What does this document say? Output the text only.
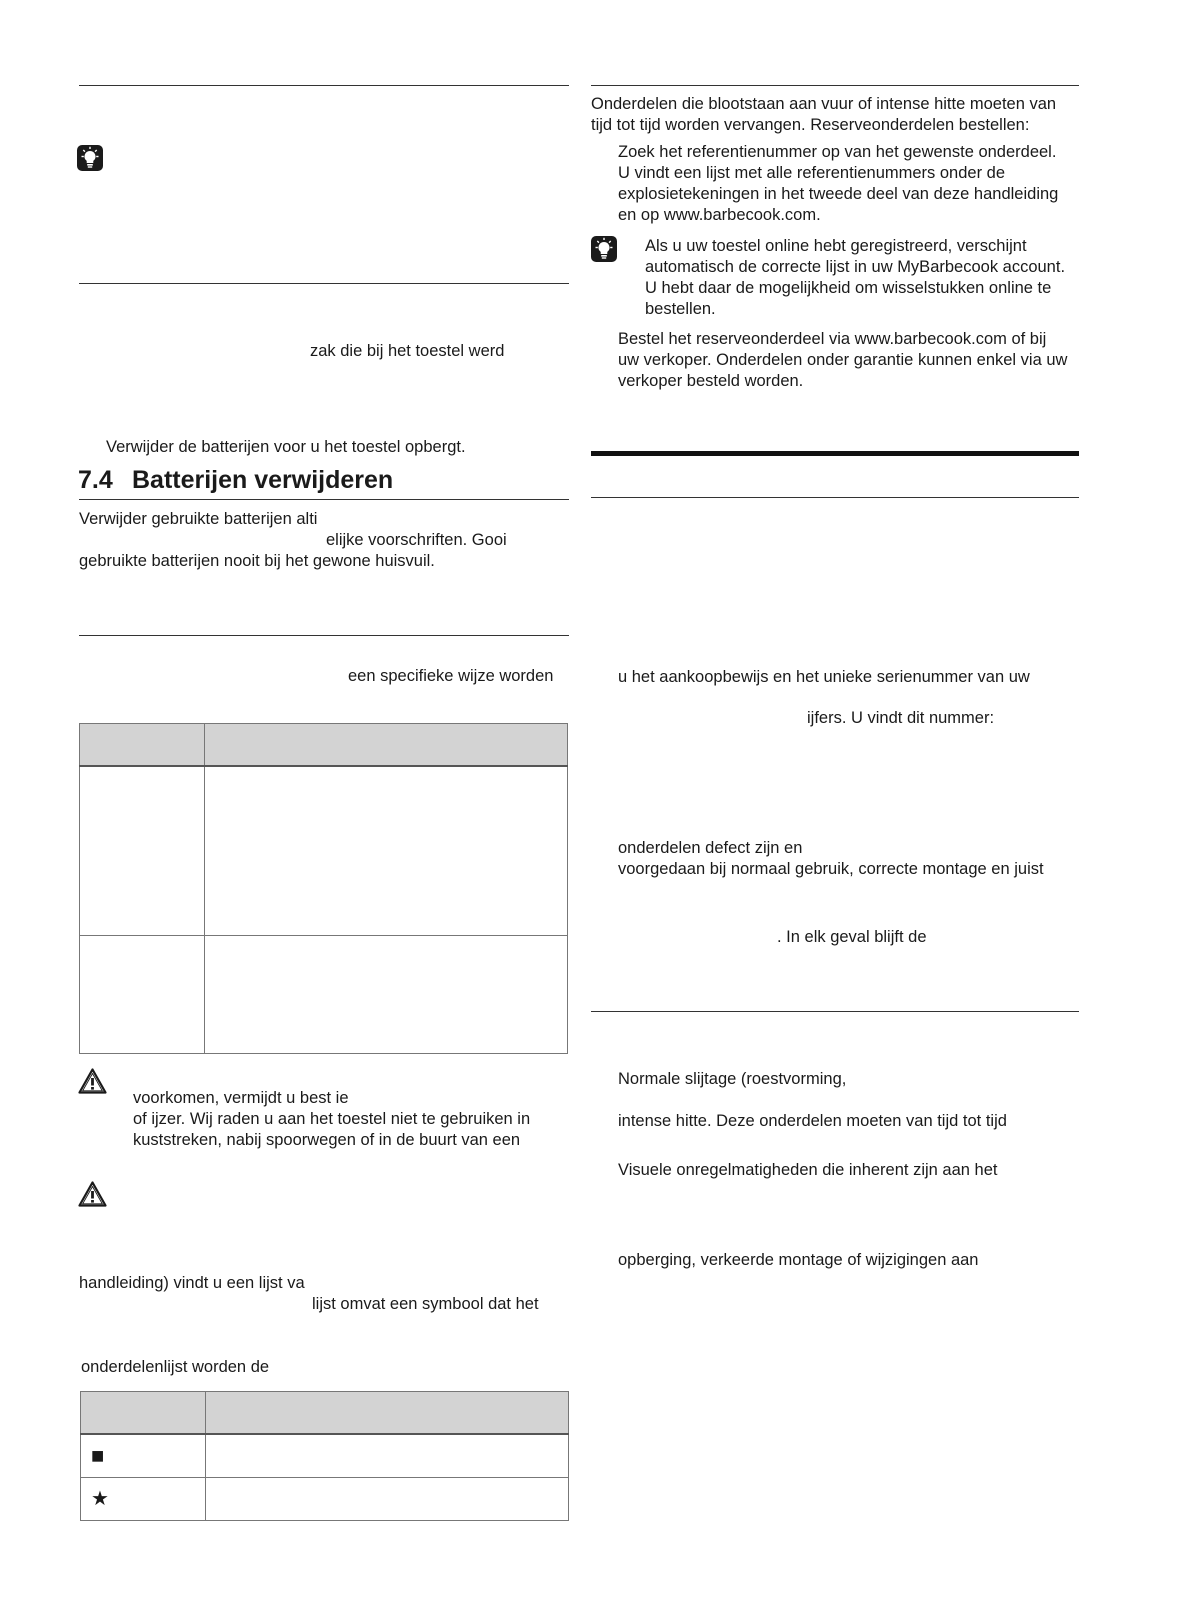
zak die bij het toestel werd

Verwijder de batterijen voor u het toestel opbergt.

7.4 Batterijen verwijderen

Verwijder gebruikte batterijen alti

elijke voorschriften. Gooi

gebruikte batterijen nooit bij het gewone huisvuil.

een specifieke wijze worden

voorkomen, vermijdt u best ie

of ijzer. Wij raden u aan het toestel niet te gebruiken in

kuststreken, nabij spoorwegen of in de buurt van een

handleiding) vindt u een lijst va

lijst omvat een symbool dat het

onderdelenlijst worden de

■	
★	

Onderdelen die blootstaan aan vuur of intense hitte moeten van

tijd tot tijd worden vervangen. Reserveonderdelen bestellen:

Zoek het referentienummer op van het gewenste onderdeel.

U vindt een lijst met alle referentienummers onder de

explosietekeningen in het tweede deel van deze handleiding

en op www.barbecook.com.

Als u uw toestel online hebt geregistreerd, verschijnt

automatisch de correcte lijst in uw MyBarbecook account.

U hebt daar de mogelijkheid om wisselstukken online te

bestellen.

Bestel het reserveonderdeel via www.barbecook.com of bij

uw verkoper. Onderdelen onder garantie kunnen enkel via uw

verkoper besteld worden.

u het aankoopbewijs en het unieke serienummer van uw

ijfers. U vindt dit nummer:

onderdelen defect zijn en

voorgedaan bij normaal gebruik, correcte montage en juist

. In elk geval blijft de

Normale slijtage (roestvorming,

intense hitte. Deze onderdelen moeten van tijd tot tijd

Visuele onregelmatigheden die inherent zijn aan het

opberging, verkeerde montage of wijzigingen aan
